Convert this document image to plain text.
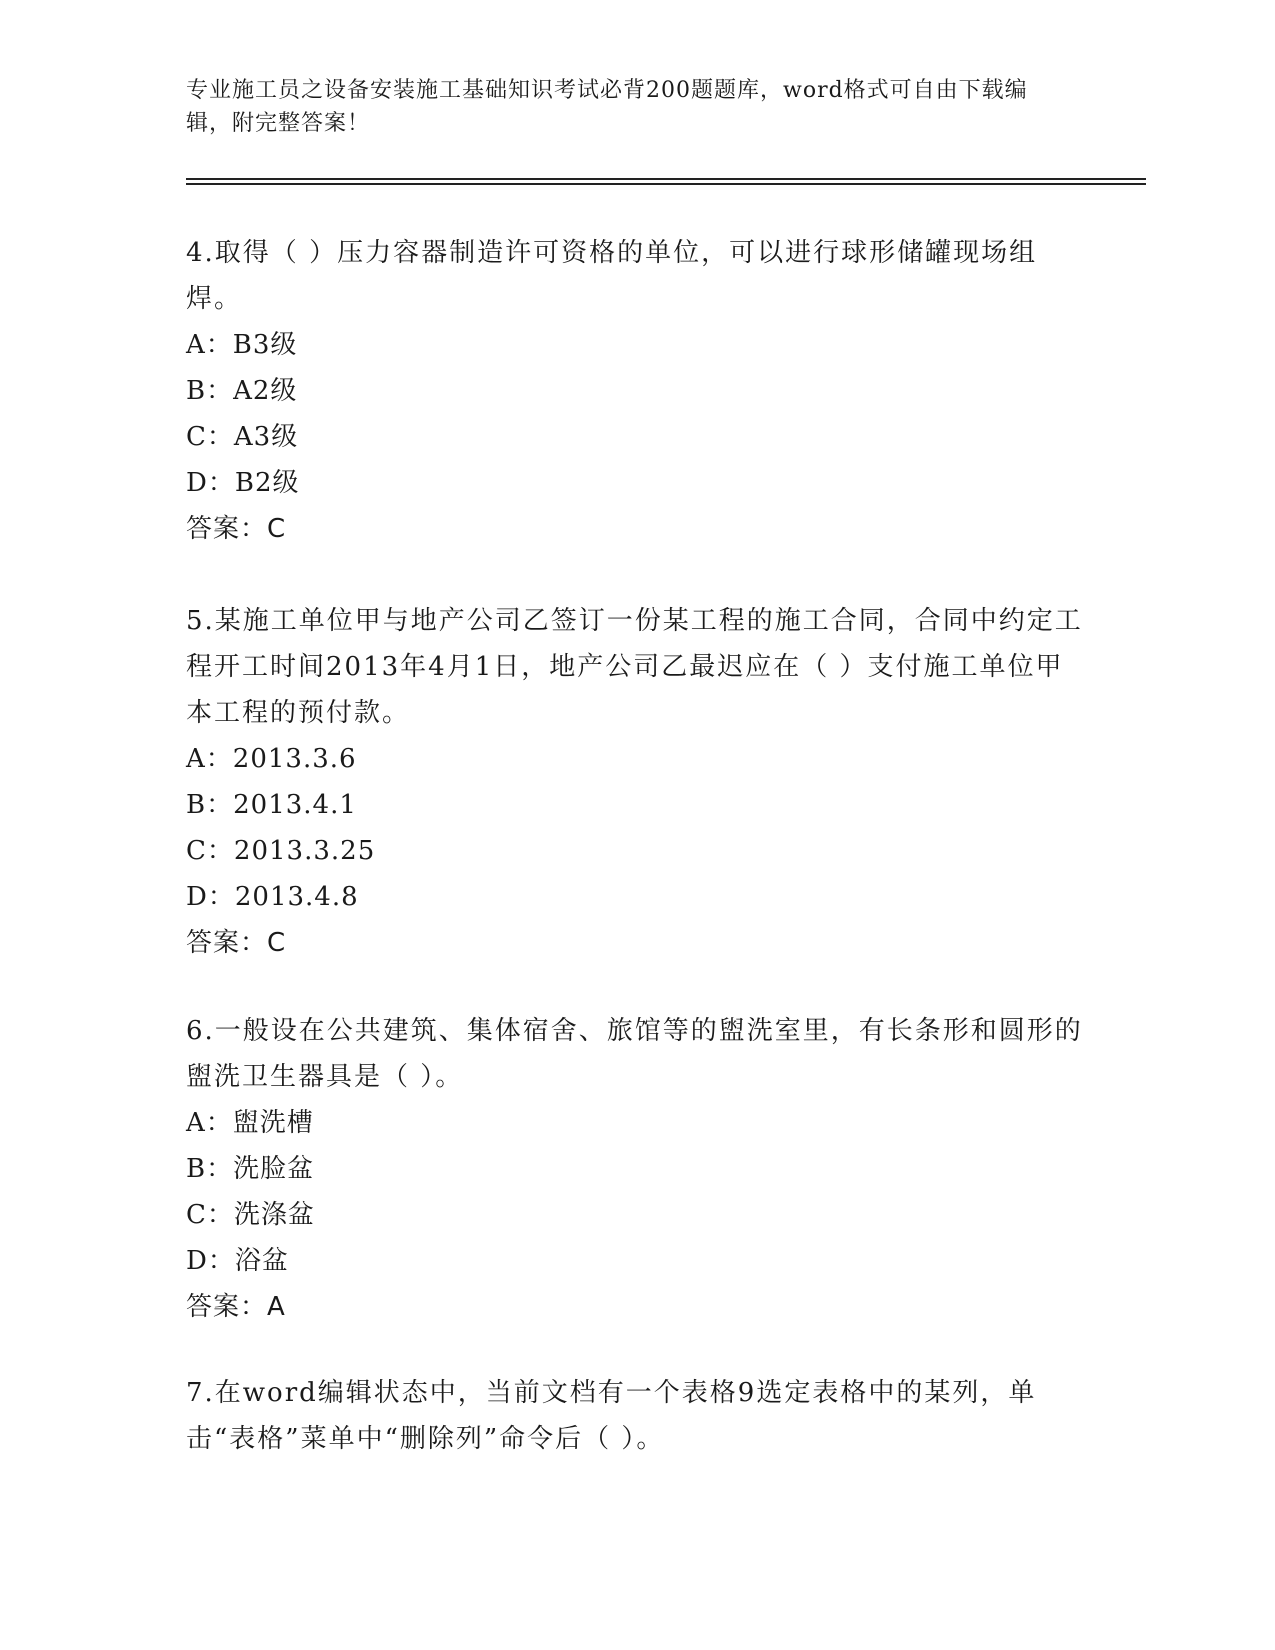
专业施工员之设备安装施工基础知识考试必背200题题库，word格式可自由下载编辑，附完整答案！

4.取得（ ）压力容器制造许可资格的单位，可以进行球形储罐现场组焊。

A：B3级

B：A2级

C：A3级

D：B2级

答案：C

5.某施工单位甲与地产公司乙签订一份某工程的施工合同，合同中约定工程开工时间2013年4月1日，地产公司乙最迟应在（ ）支付施工单位甲本工程的预付款。

A：2013.3.6

B：2013.4.1

C：2013.3.25

D：2013.4.8

答案：C

6.一般设在公共建筑、集体宿舍、旅馆等的盥洗室里，有长条形和圆形的盥洗卫生器具是（ ）。

A：盥洗槽

B：洗脸盆

C：洗涤盆

D：浴盆

答案：A

7.在word编辑状态中，当前文档有一个表格9选定表格中的某列，单击“表格”菜单中“删除列”命令后（ ）。
